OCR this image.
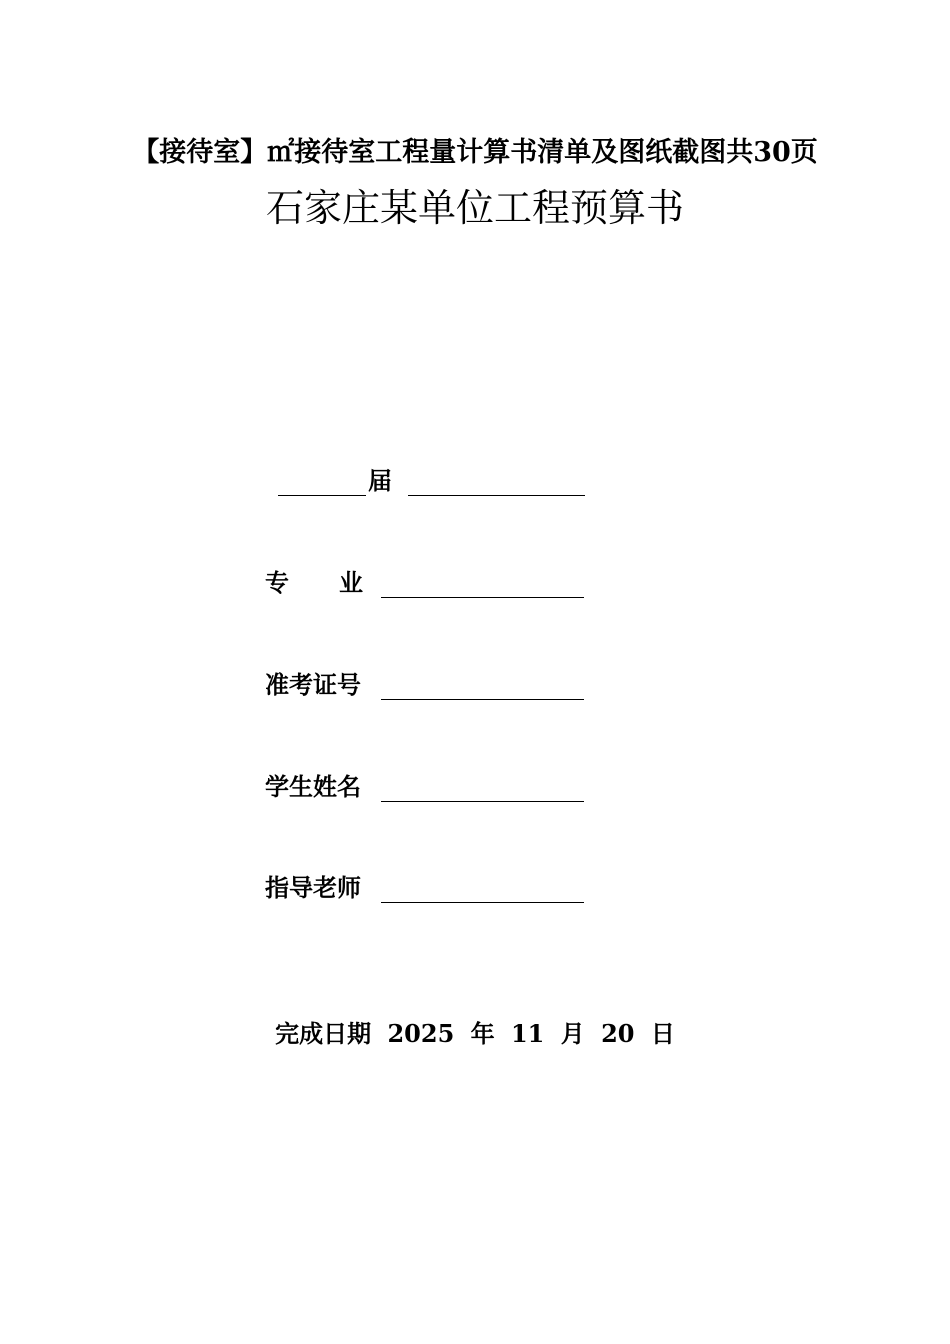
【接待室】㎡接待室工程量计算书清单及图纸截图共30页
石家庄某单位工程预算书
届
专 业
准考证号
学生姓名
指导老师
完成日期 2025 年 11 月 20 日
